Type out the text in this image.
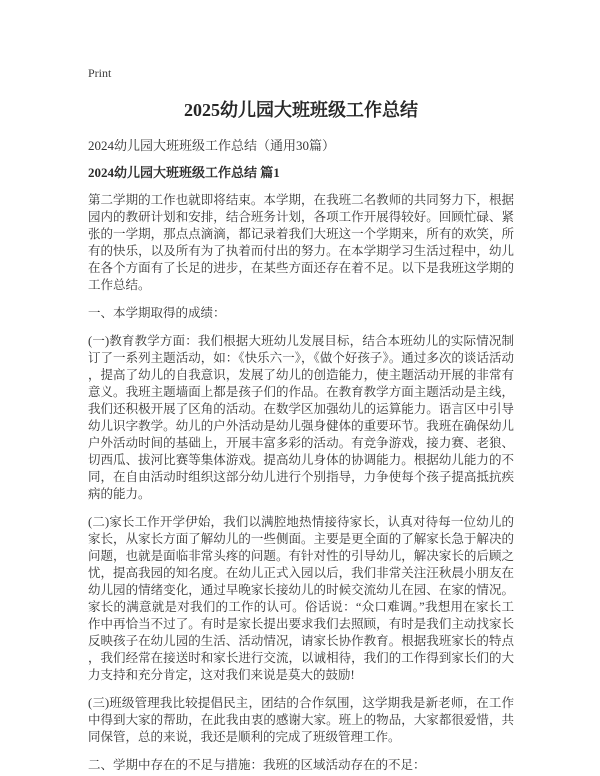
Print
2025幼儿园大班班级工作总结

2024幼儿园大班班级工作总结（通用30篇）

2024幼儿园大班班级工作总结 篇1

第二学期的工作也就即将结束。本学期，在我班二名教师的共同努力下，根据园内的教研计划和安排，结合班务计划，各项工作开展得较好。回顾忙碌、紧张的一学期，那点点滴滴，都记录着我们大班这一个学期来，所有的欢笑，所有的快乐，以及所有为了执着而付出的努力。在本学期学习生活过程中，幼儿在各个方面有了长足的进步，在某些方面还存在着不足。以下是我班这学期的工作总结。

一、本学期取得的成绩：

(一)教育教学方面：我们根据大班幼儿发展目标，结合本班幼儿的实际情况制订了一系列主题活动，如：《快乐六一》，《做个好孩子》。通过多次的谈话活动，提高了幼儿的自我意识，发展了幼儿的创造能力，使主题活动开展的非常有意义。我班主题墙面上都是孩子们的作品。在教育教学方面主题活动是主线，我们还积极开展了区角的活动。在数学区加强幼儿的运算能力。语言区中引导幼儿识字教学。幼儿的户外活动是幼儿强身健体的重要环节。我班在确保幼儿户外活动时间的基础上，开展丰富多彩的活动。有竞争游戏，接力赛、老狼、切西瓜、拔河比赛等集体游戏。提高幼儿身体的协调能力。根据幼儿能力的不同，在自由活动时组织这部分幼儿进行个别指导，力争使每个孩子提高抵抗疾病的能力。

(二)家长工作开学伊始，我们以满腔地热情接待家长，认真对待每一位幼儿的家长，从家长方面了解幼儿的一些侧面。主要是更全面的了解家长急于解决的问题，也就是面临非常头疼的问题。有针对性的引导幼儿，解决家长的后顾之忧，提高我园的知名度。在幼儿正式入园以后，我们非常关注汪秋晨小朋友在幼儿园的情绪变化，通过早晚家长接幼儿的时候交流幼儿在园、在家的情况。家长的满意就是对我们的工作的认可。俗话说：“众口难调。”我想用在家长工作中再恰当不过了。有时是家长提出要求我们去照顾，有时是我们主动找家长反映孩子在幼儿园的生活、活动情况，请家长协作教育。根据我班家长的特点，我们经常在接送时和家长进行交流，以诚相待，我们的工作得到家长们的大力支持和充分肯定，这对我们来说是莫大的鼓励!

(三)班级管理我比较提倡民主，团结的合作氛围，这学期我是新老师，在工作中得到大家的帮助，在此我由衷的感谢大家。班上的物品，大家都很爱惜，共同保管，总的来说，我还是顺利的完成了班级管理工作。

二、学期中存在的不足与措施：我班的区域活动存在的不足：
